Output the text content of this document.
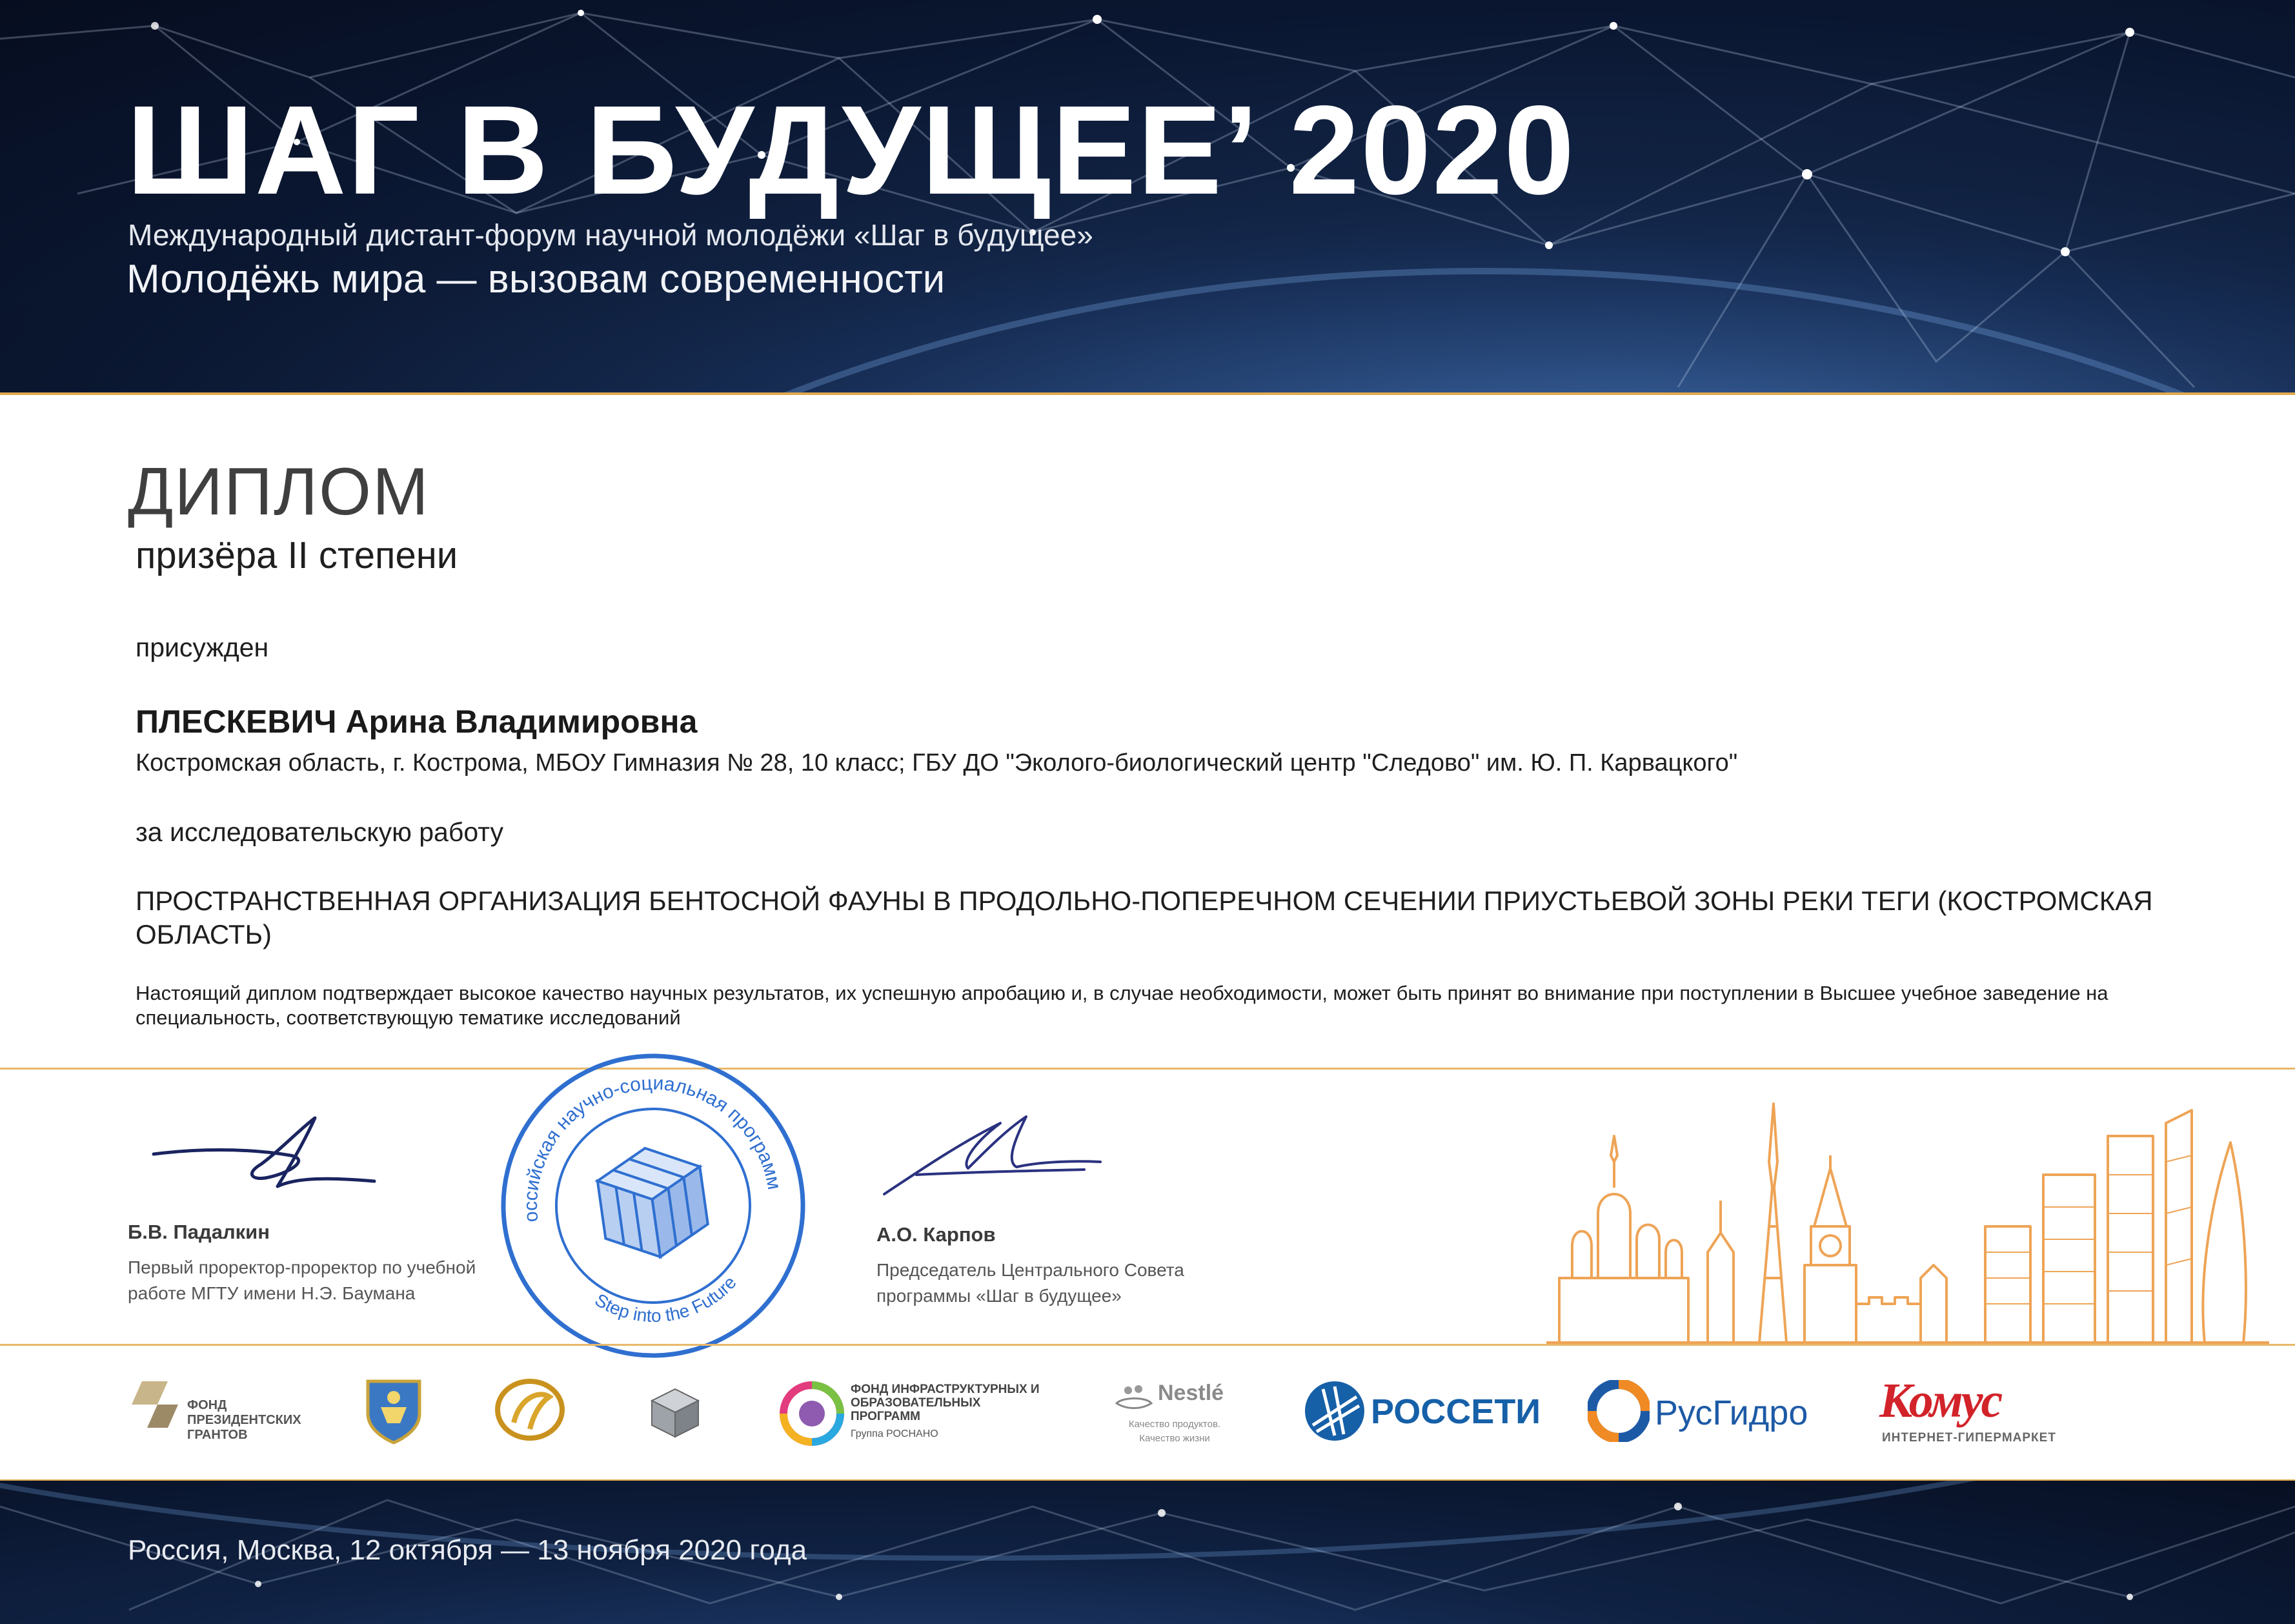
ШАГ В БУДУЩЕЕ’ 2020
Международный дистант-форум научной молодёжи «Шаг в будущее»
Молодёжь мира — вызовам современности
ДИПЛОМ
призёра II степени
присужден
ПЛЕСКЕВИЧ Арина Владимировна
Костромская область, г. Кострома, МБОУ Гимназия № 28, 10 класс; ГБУ ДО "Эколого-биологический центр "Следово" им. Ю. П. Карвацкого"
за исследовательскую работу
ПРОСТРАНСТВЕННАЯ ОРГАНИЗАЦИЯ БЕНТОСНОЙ ФАУНЫ В ПРОДОЛЬНО-ПОПЕРЕЧНОМ СЕЧЕНИИ ПРИУСТЬЕВОЙ ЗОНЫ РЕКИ ТЕГИ (КОСТРОМСКАЯ ОБЛАСТЬ)
Настоящий диплом подтверждает высокое качество научных результатов, их успешную апробацию и, в случае необходимости, может быть принят во внимание при поступлении в Высшее учебное заведение на специальность, соответствующую тематике исследований
Б.В. Падалкин
Первый проректор-проректор по учебной работе МГТУ имени Н.Э. Баумана
Российская научно-социальная программа
Step into the Future
А.О. Карпов
Председатель Центрального Совета программы «Шаг в будущее»
ФОНД ПРЕЗИДЕНТСКИХ ГРАНТОВ
ФОНД ИНФРАСТРУКТУРНЫХ И ОБРАЗОВАТЕЛЬНЫХ ПРОГРАММ
Группа РОСНАНО
Nestlé
Качество продуктов. Качество жизни
РОССЕТИ	РусГидро Комус
ИНТЕРНЕТ-ГИПЕРМАРКЕТ
Россия, Москва, 12 октября — 13 ноября 2020 года
